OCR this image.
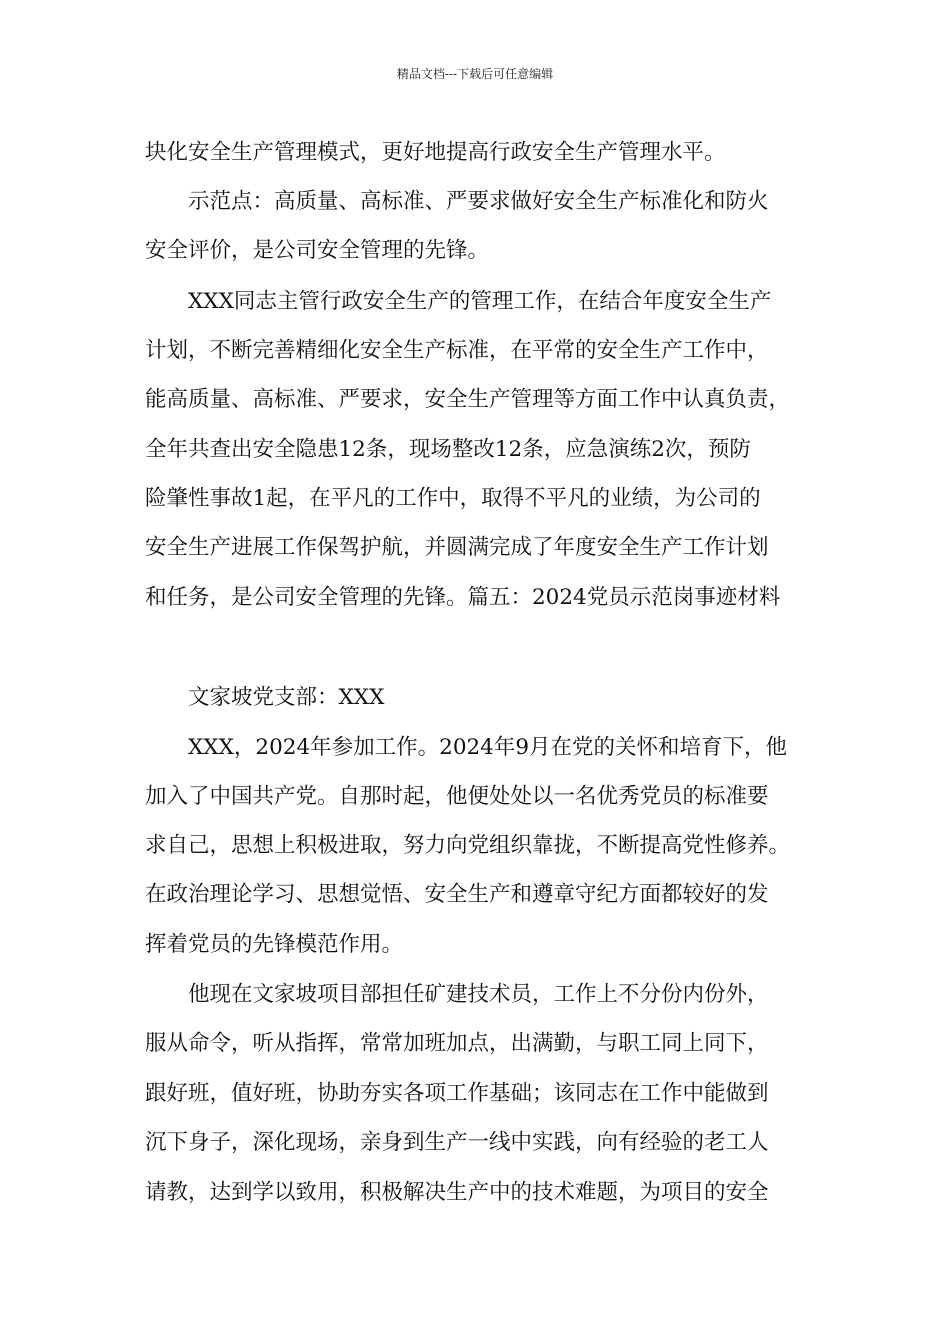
精品文档---下载后可任意编辑
块化安全生产管理模式，更好地提高行政安全生产管理水平。
　　示范点：高质量、高标准、严要求做好安全生产标准化和防火
安全评价，是公司安全管理的先锋。
　　XXX同志主管行政安全生产的管理工作，在结合年度安全生产
计划，不断完善精细化安全生产标准，在平常的安全生产工作中，
能高质量、高标准、严要求，安全生产管理等方面工作中认真负责，
全年共查出安全隐患12条，现场整改12条，应急演练2次，预防
险肇性事故1起，在平凡的工作中，取得不平凡的业绩，为公司的
安全生产进展工作保驾护航，并圆满完成了年度安全生产工作计划
和任务，是公司安全管理的先锋。篇五：2024党员示范岗事迹材料
　　文家坡党支部：XXX
　　XXX，2024年参加工作。2024年9月在党的关怀和培育下，他
加入了中国共产党。自那时起，他便处处以一名优秀党员的标准要
求自己，思想上积极进取，努力向党组织靠拢，不断提高党性修养。
在政治理论学习、思想觉悟、安全生产和遵章守纪方面都较好的发
挥着党员的先锋模范作用。
　　他现在文家坡项目部担任矿建技术员，工作上不分份内份外，
服从命令，听从指挥，常常加班加点，出满勤，与职工同上同下，
跟好班，值好班，协助夯实各项工作基础；该同志在工作中能做到
沉下身子，深化现场，亲身到生产一线中实践，向有经验的老工人
请教，达到学以致用，积极解决生产中的技术难题，为项目的安全
